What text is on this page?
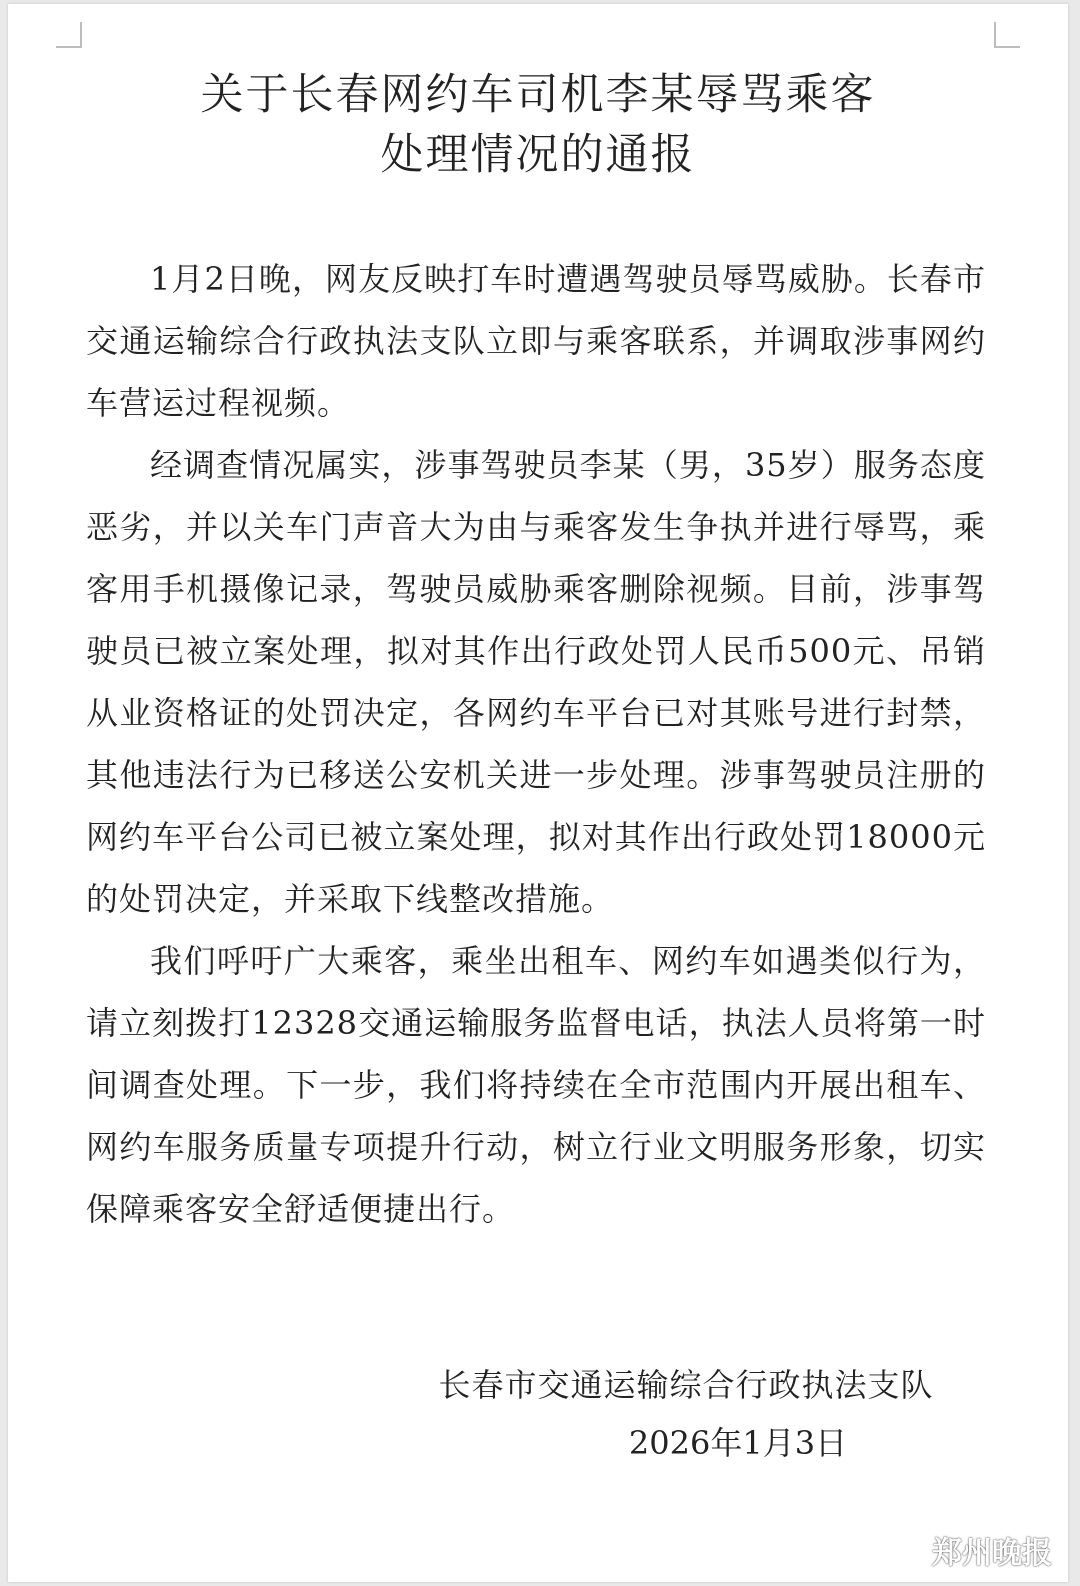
关于长春网约车司机李某辱骂乘客
处理情况的通报

1月2日晚，网友反映打车时遭遇驾驶员辱骂威胁。长春市交通运输综合行政执法支队立即与乘客联系，并调取涉事网约车营运过程视频。

经调查情况属实，涉事驾驶员李某（男，35岁）服务态度恶劣，并以关车门声音大为由与乘客发生争执并进行辱骂，乘客用手机摄像记录，驾驶员威胁乘客删除视频。目前，涉事驾驶员已被立案处理，拟对其作出行政处罚人民币500元、吊销从业资格证的处罚决定，各网约车平台已对其账号进行封禁，其他违法行为已移送公安机关进一步处理。涉事驾驶员注册的网约车平台公司已被立案处理，拟对其作出行政处罚18000元的处罚决定，并采取下线整改措施。

我们呼吁广大乘客，乘坐出租车、网约车如遇类似行为，请立刻拨打12328交通运输服务监督电话，执法人员将第一时间调查处理。下一步，我们将持续在全市范围内开展出租车、网约车服务质量专项提升行动，树立行业文明服务形象，切实保障乘客安全舒适便捷出行。

长春市交通运输综合行政执法支队
2026年1月3日
郑州晚报
